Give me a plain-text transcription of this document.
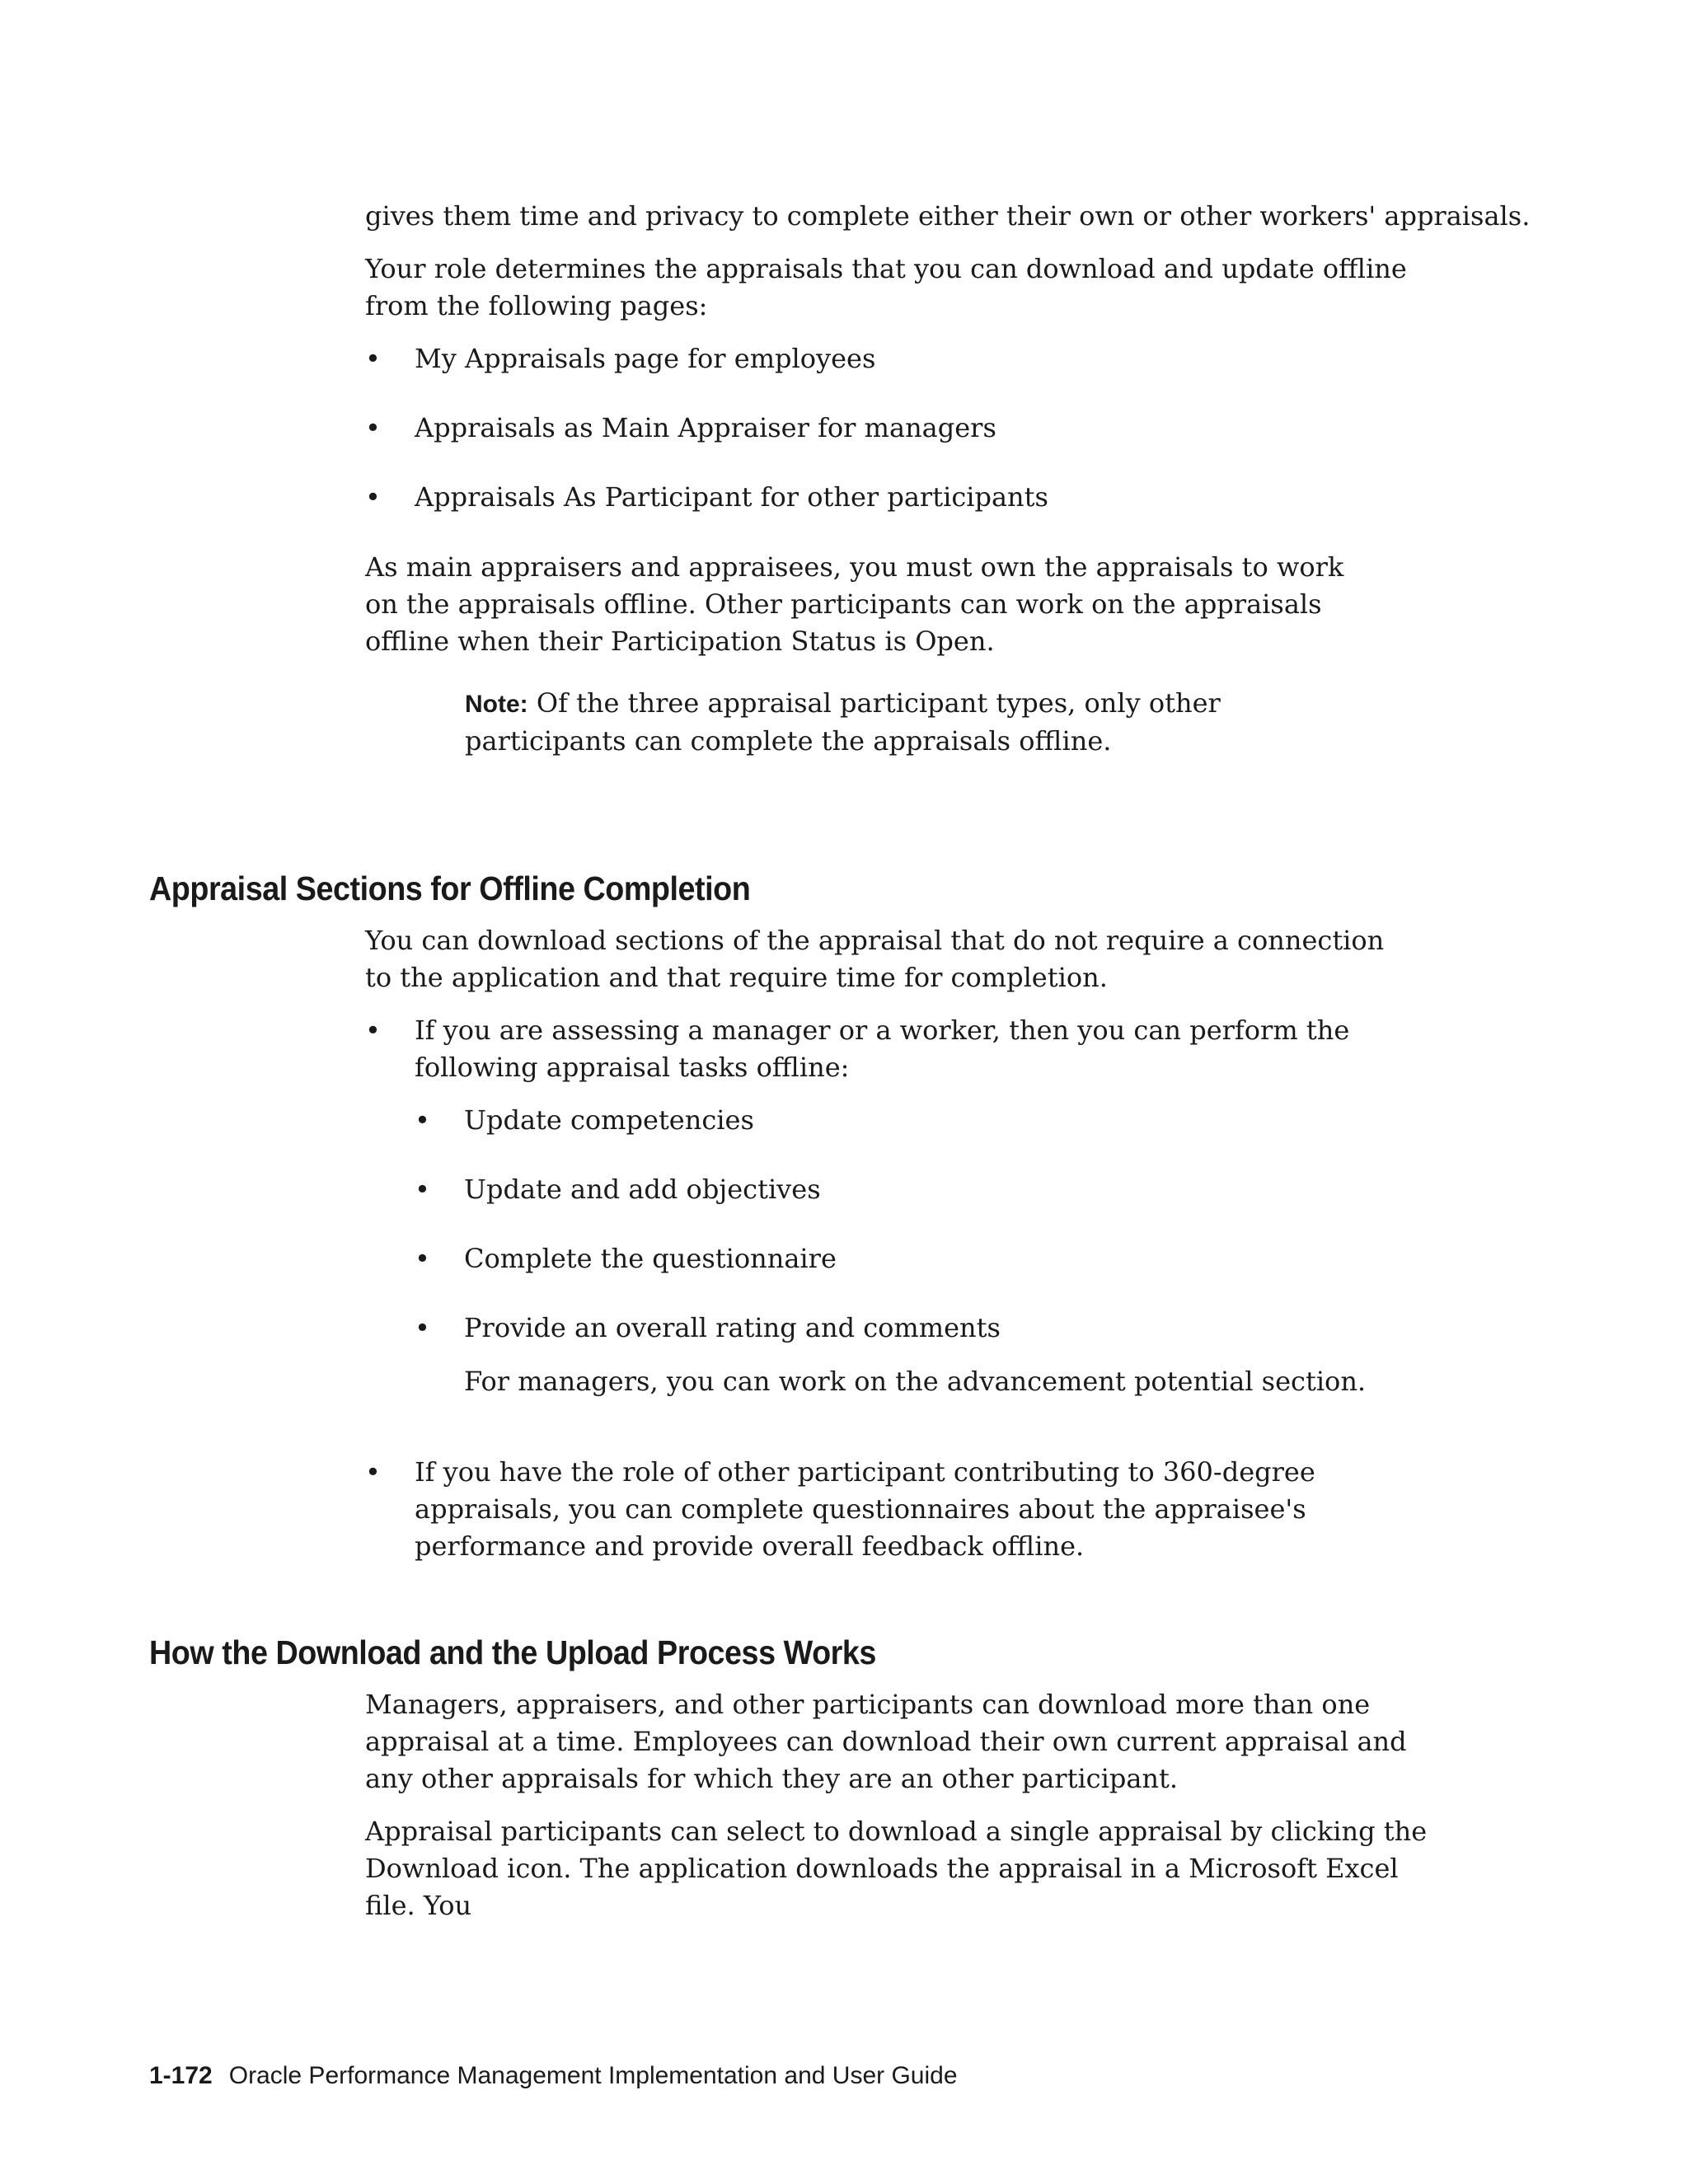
gives them time and privacy to complete either their own or other workers' appraisals.

Your role determines the appraisals that you can download and update offline from the following pages:

• My Appraisals page for employees
• Appraisals as Main Appraiser for managers
• Appraisals As Participant for other participants

As main appraisers and appraisees, you must own the appraisals to work on the appraisals offline. Other participants can work on the appraisals offline when their Participation Status is Open.

Note: Of the three appraisal participant types, only other participants can complete the appraisals offline.

Appraisal Sections for Offline Completion

You can download sections of the appraisal that do not require a connection to the application and that require time for completion.

• If you are assessing a manager or a worker, then you can perform the following appraisal tasks offline:
• Update competencies
• Update and add objectives
• Complete the questionnaire
• Provide an overall rating and comments

For managers, you can work on the advancement potential section.

• If you have the role of other participant contributing to 360-degree appraisals, you can complete questionnaires about the appraisee's performance and provide overall feedback offline.
How the Download and the Upload Process Works

Managers, appraisers, and other participants can download more than one appraisal at a time. Employees can download their own current appraisal and any other appraisals for which they are an other participant.

Appraisal participants can select to download a single appraisal by clicking the Download icon. The application downloads the appraisal in a Microsoft Excel file. You

1-172 Oracle Performance Management Implementation and User Guide
